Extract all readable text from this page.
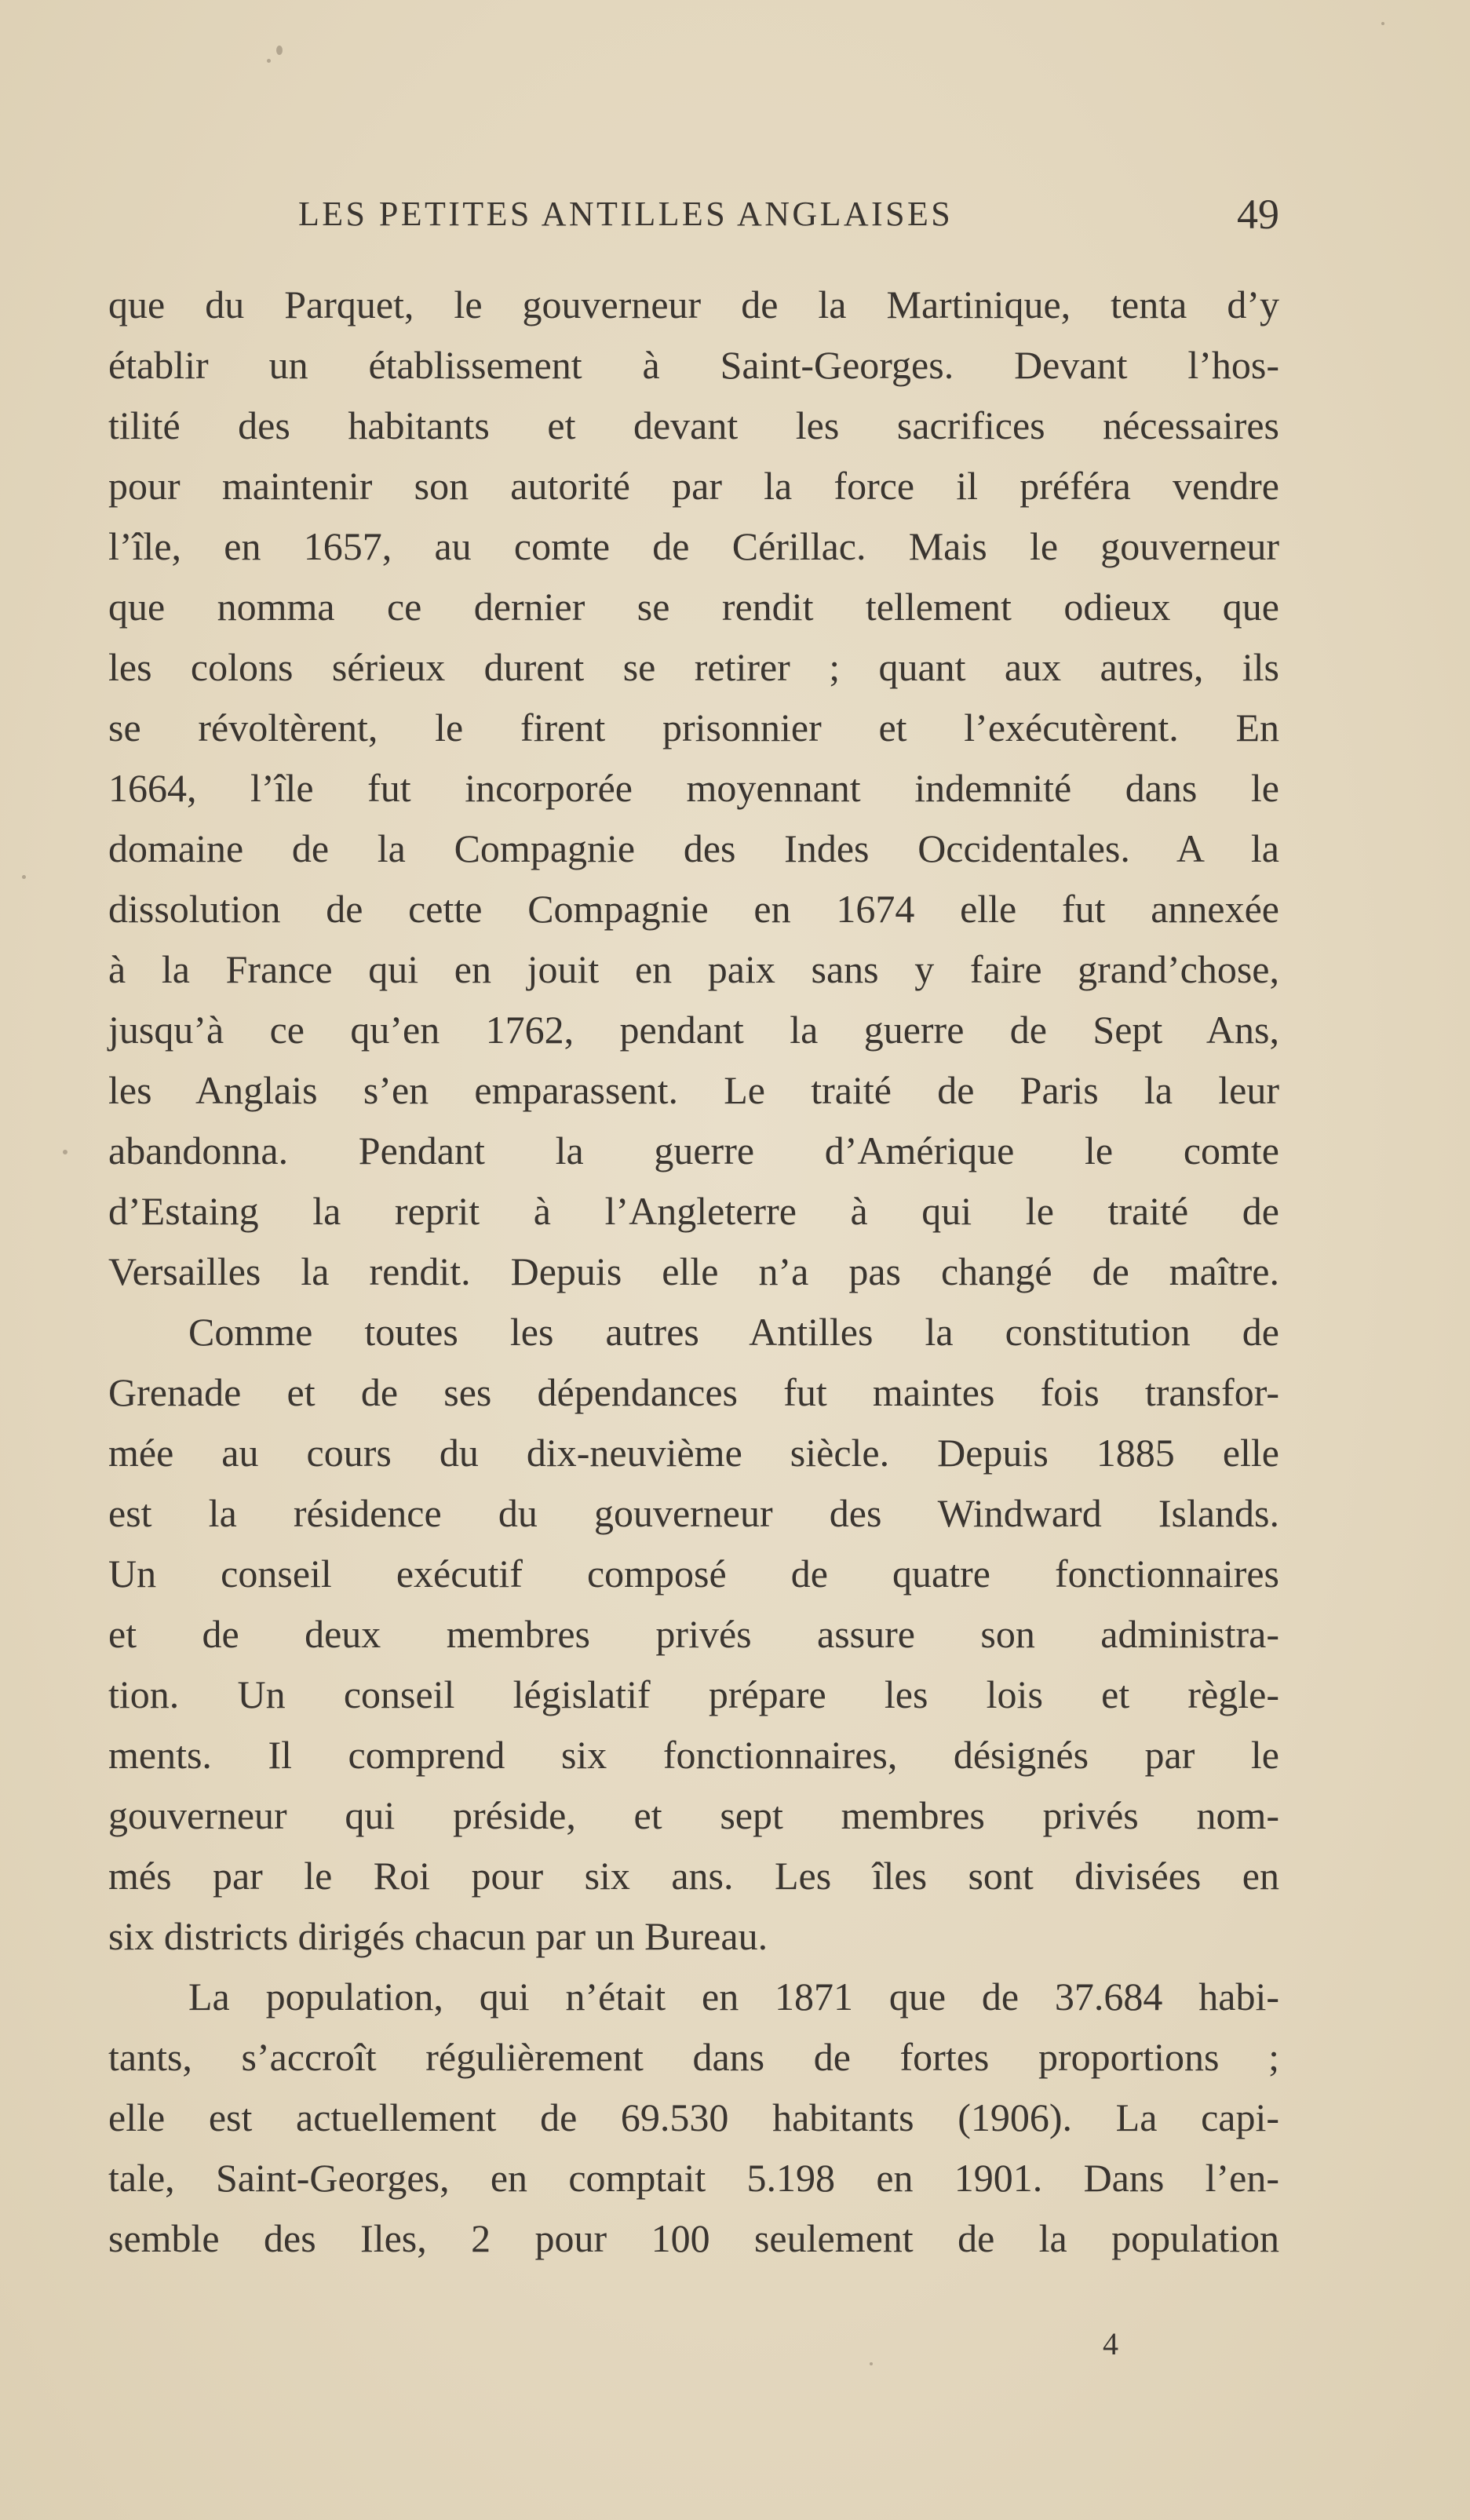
LES PETITES ANTILLES ANGLAISES	49
que du Parquet, le gouverneur de la Martinique, tenta d’y
établir un établissement à Saint-Georges. Devant l’hos-
tilité des habitants et devant les sacrifices nécessaires
pour maintenir son autorité par la force il préféra vendre
l’île, en 1657, au comte de Cérillac. Mais le gouverneur
que nomma ce dernier se rendit tellement odieux que
les colons sérieux durent se retirer ; quant aux autres, ils
se révoltèrent, le firent prisonnier et l’exécutèrent. En
1664, l’île fut incorporée moyennant indemnité dans le
domaine de la Compagnie des Indes Occidentales. A la
dissolution de cette Compagnie en 1674 elle fut annexée
à la France qui en jouit en paix sans y faire grand’chose,
jusqu’à ce qu’en 1762, pendant la guerre de Sept Ans,
les Anglais s’en emparassent. Le traité de Paris la leur
abandonna. Pendant la guerre d’Amérique le comte
d’Estaing la reprit à l’Angleterre à qui le traité de
Versailles la rendit. Depuis elle n’a pas changé de maître.
Comme toutes les autres Antilles la constitution de
Grenade et de ses dépendances fut maintes fois transfor-
mée au cours du dix-neuvième siècle. Depuis 1885 elle
est la résidence du gouverneur des Windward Islands.
Un conseil exécutif composé de quatre fonctionnaires
et de deux membres privés assure son administra-
tion. Un conseil législatif prépare les lois et règle-
ments. Il comprend six fonctionnaires, désignés par le
gouverneur qui préside, et sept membres privés nom-
més par le Roi pour six ans. Les îles sont divisées en
six districts dirigés chacun par un Bureau.
La population, qui n’était en 1871 que de 37.684 habi-
tants, s’accroît régulièrement dans de fortes proportions ;
elle est actuellement de 69.530 habitants (1906). La capi-
tale, Saint-Georges, en comptait 5.198 en 1901. Dans l’en-
semble des Iles, 2 pour 100 seulement de la population
4
